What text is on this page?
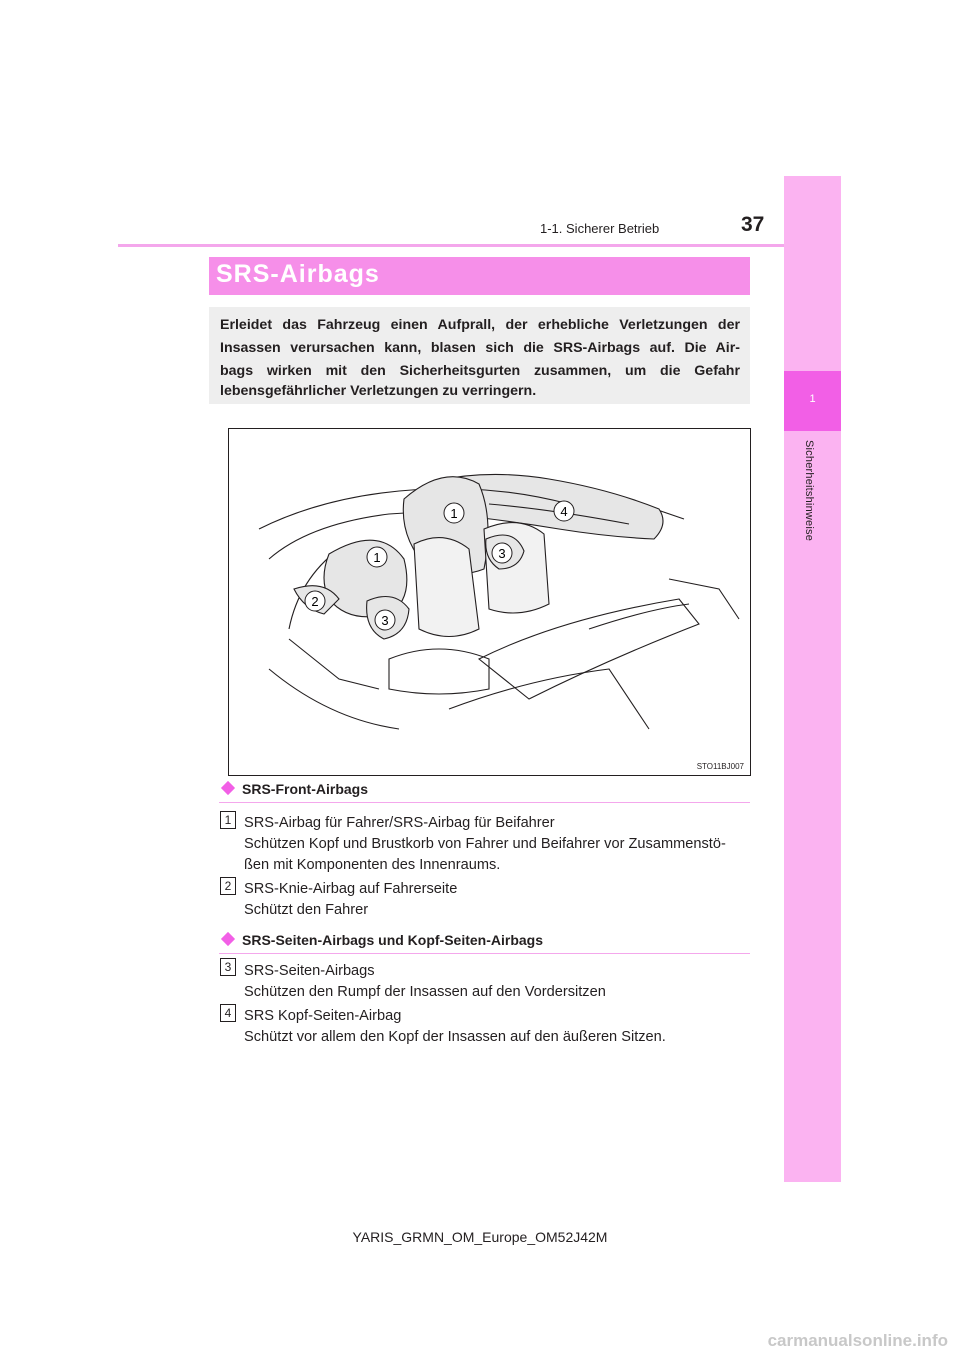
1
Sicherheitshinweise
1-1. Sicherer Betrieb	37
SRS-Airbags
Erleidet das Fahrzeug einen Aufprall, der erhebliche Verletzungen der
Insassen verursachen kann, blasen sich die SRS-Airbags auf. Die Air-
bags wirken mit den Sicherheitsgurten zusammen, um die Gefahr
lebensgefährlicher Verletzungen zu verringern.
1
1
2
3
3
4
STO11BJ007
SRS-Front-Airbags
1 SRS-Airbag für Fahrer/SRS-Airbag für Beifahrer
Schützen Kopf und Brustkorb von Fahrer und Beifahrer vor Zusammenstö-
ßen mit Komponenten des Innenraums.
2 SRS-Knie-Airbag auf Fahrerseite
Schützt den Fahrer
SRS-Seiten-Airbags und Kopf-Seiten-Airbags
3 SRS-Seiten-Airbags
Schützen den Rumpf der Insassen auf den Vordersitzen
4 SRS Kopf-Seiten-Airbag
Schützt vor allem den Kopf der Insassen auf den äußeren Sitzen.
YARIS_GRMN_OM_Europe_OM52J42M
carmanualsonline.info
